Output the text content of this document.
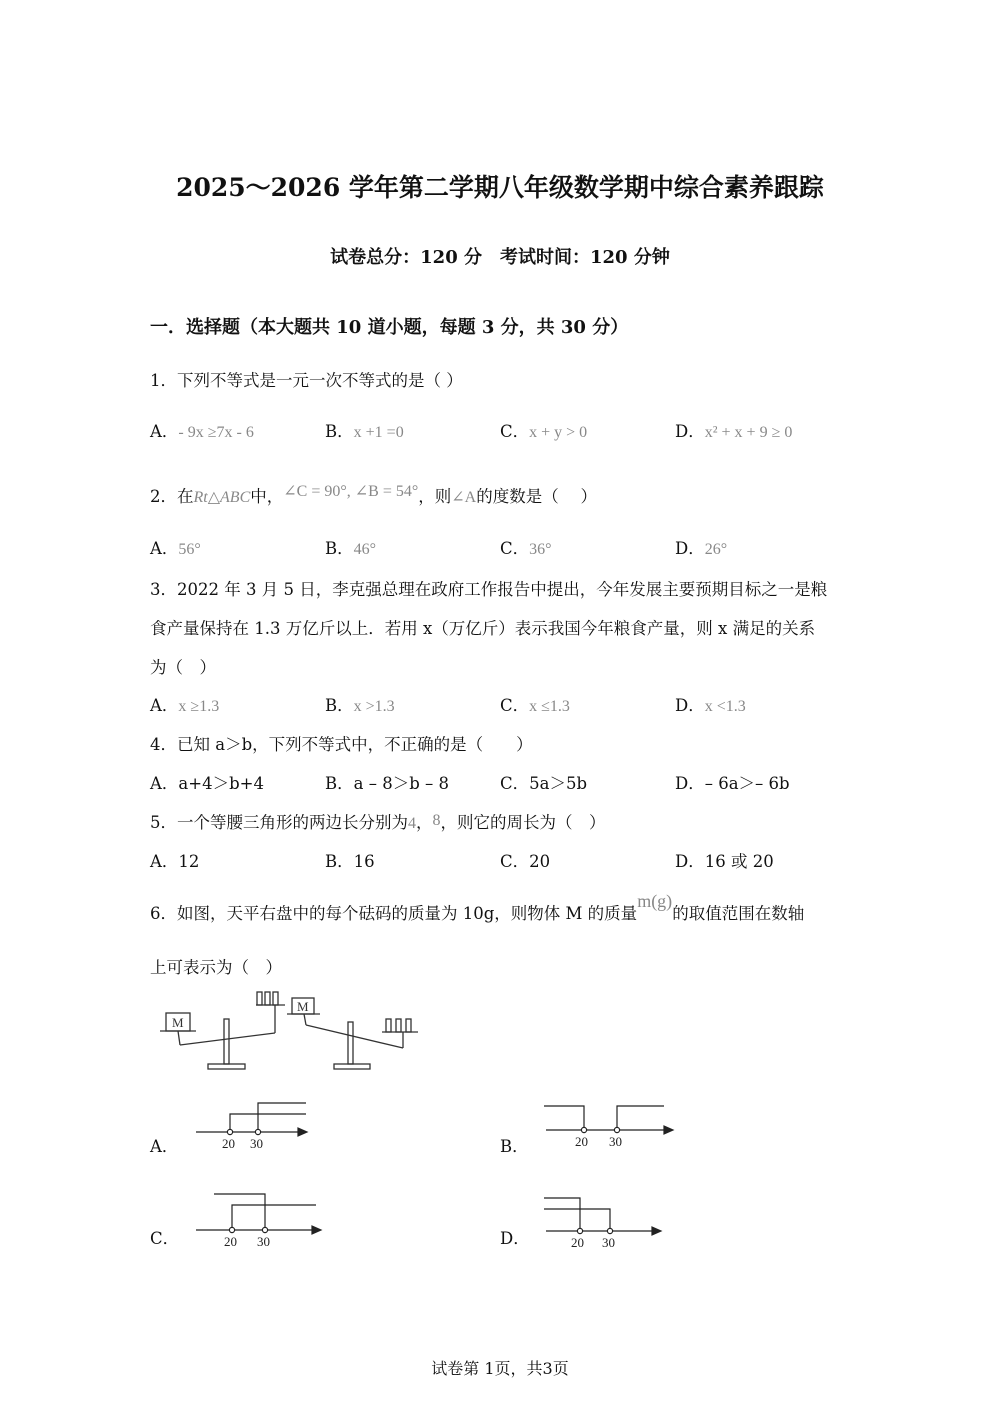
2025～2026 学年第二学期八年级数学期中综合素养跟踪
试卷总分：120 分　考试时间：120 分钟
一．选择题（本大题共 10 道小题，每题 3 分，共 30 分）
1．下列不等式是一元一次不等式的是（ ）
A．- 9x ≥7x - 6	B．x +1 =0	C．x + y > 0	D．x² + x + 9 ≥ 0
2．在Rt△ABC中，∠C = 90°, ∠B = 54°，则∠A的度数是（　 ）
A．56°	B．46°	C．36°	D．26°
3．2022 年 3 月 5 日，李克强总理在政府工作报告中提出，今年发展主要预期目标之一是粮
食产量保持在 1.3 万亿斤以上．若用 x（万亿斤）表示我国今年粮食产量，则 x 满足的关系
为（　）
A．x ≥1.3	B．x >1.3	C．x ≤1.3	D．x <1.3
4．已知 a＞b，下列不等式中，不正确的是（　　）
A．a+4＞b+4	B．a – 8＞b – 8	C．5a＞5b	D．– 6a＞– 6b
5．一个等腰三角形的两边长分别为4，8，则它的周长为（　）
A．12	B．16	C．20	D．16 或 20
6．如图，天平右盘中的每个砝码的质量为 10g，则物体 M 的质量m(g)的取值范围在数轴
上可表示为（　）
M
M
A．	20 30	B．	20 30
C．	20 30	D．	20 30
试卷第 1页，共3页
